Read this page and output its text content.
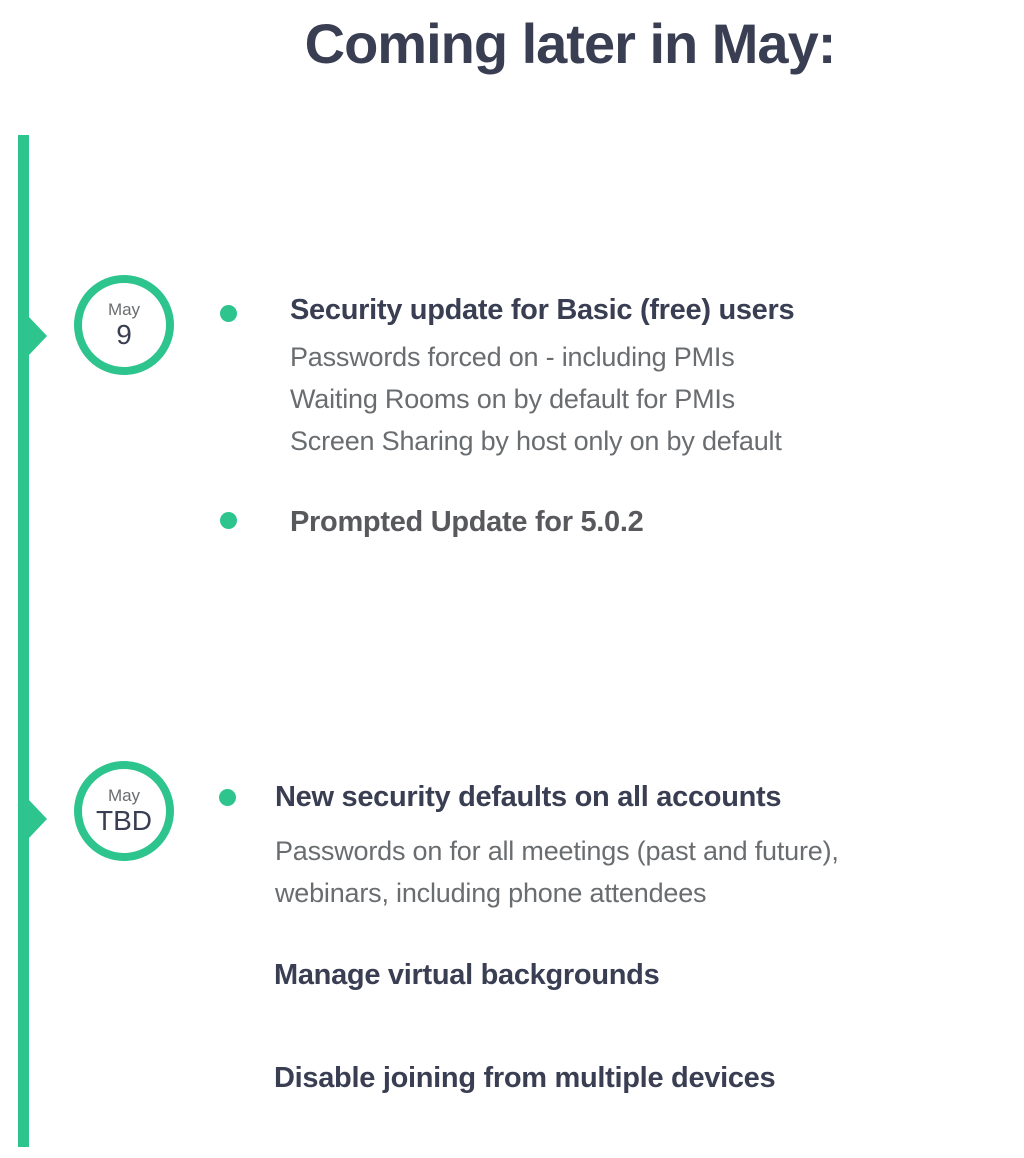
Coming later in May:
May
9
Security update for Basic (free) users
Passwords forced on - including PMIs
Waiting Rooms on by default for PMIs
Screen Sharing by host only on by default
Prompted Update for 5.0.2
May
TBD
New security defaults on all accounts
Passwords on for all meetings (past and future),
webinars, including phone attendees
Manage virtual backgrounds
Disable joining from multiple devices
